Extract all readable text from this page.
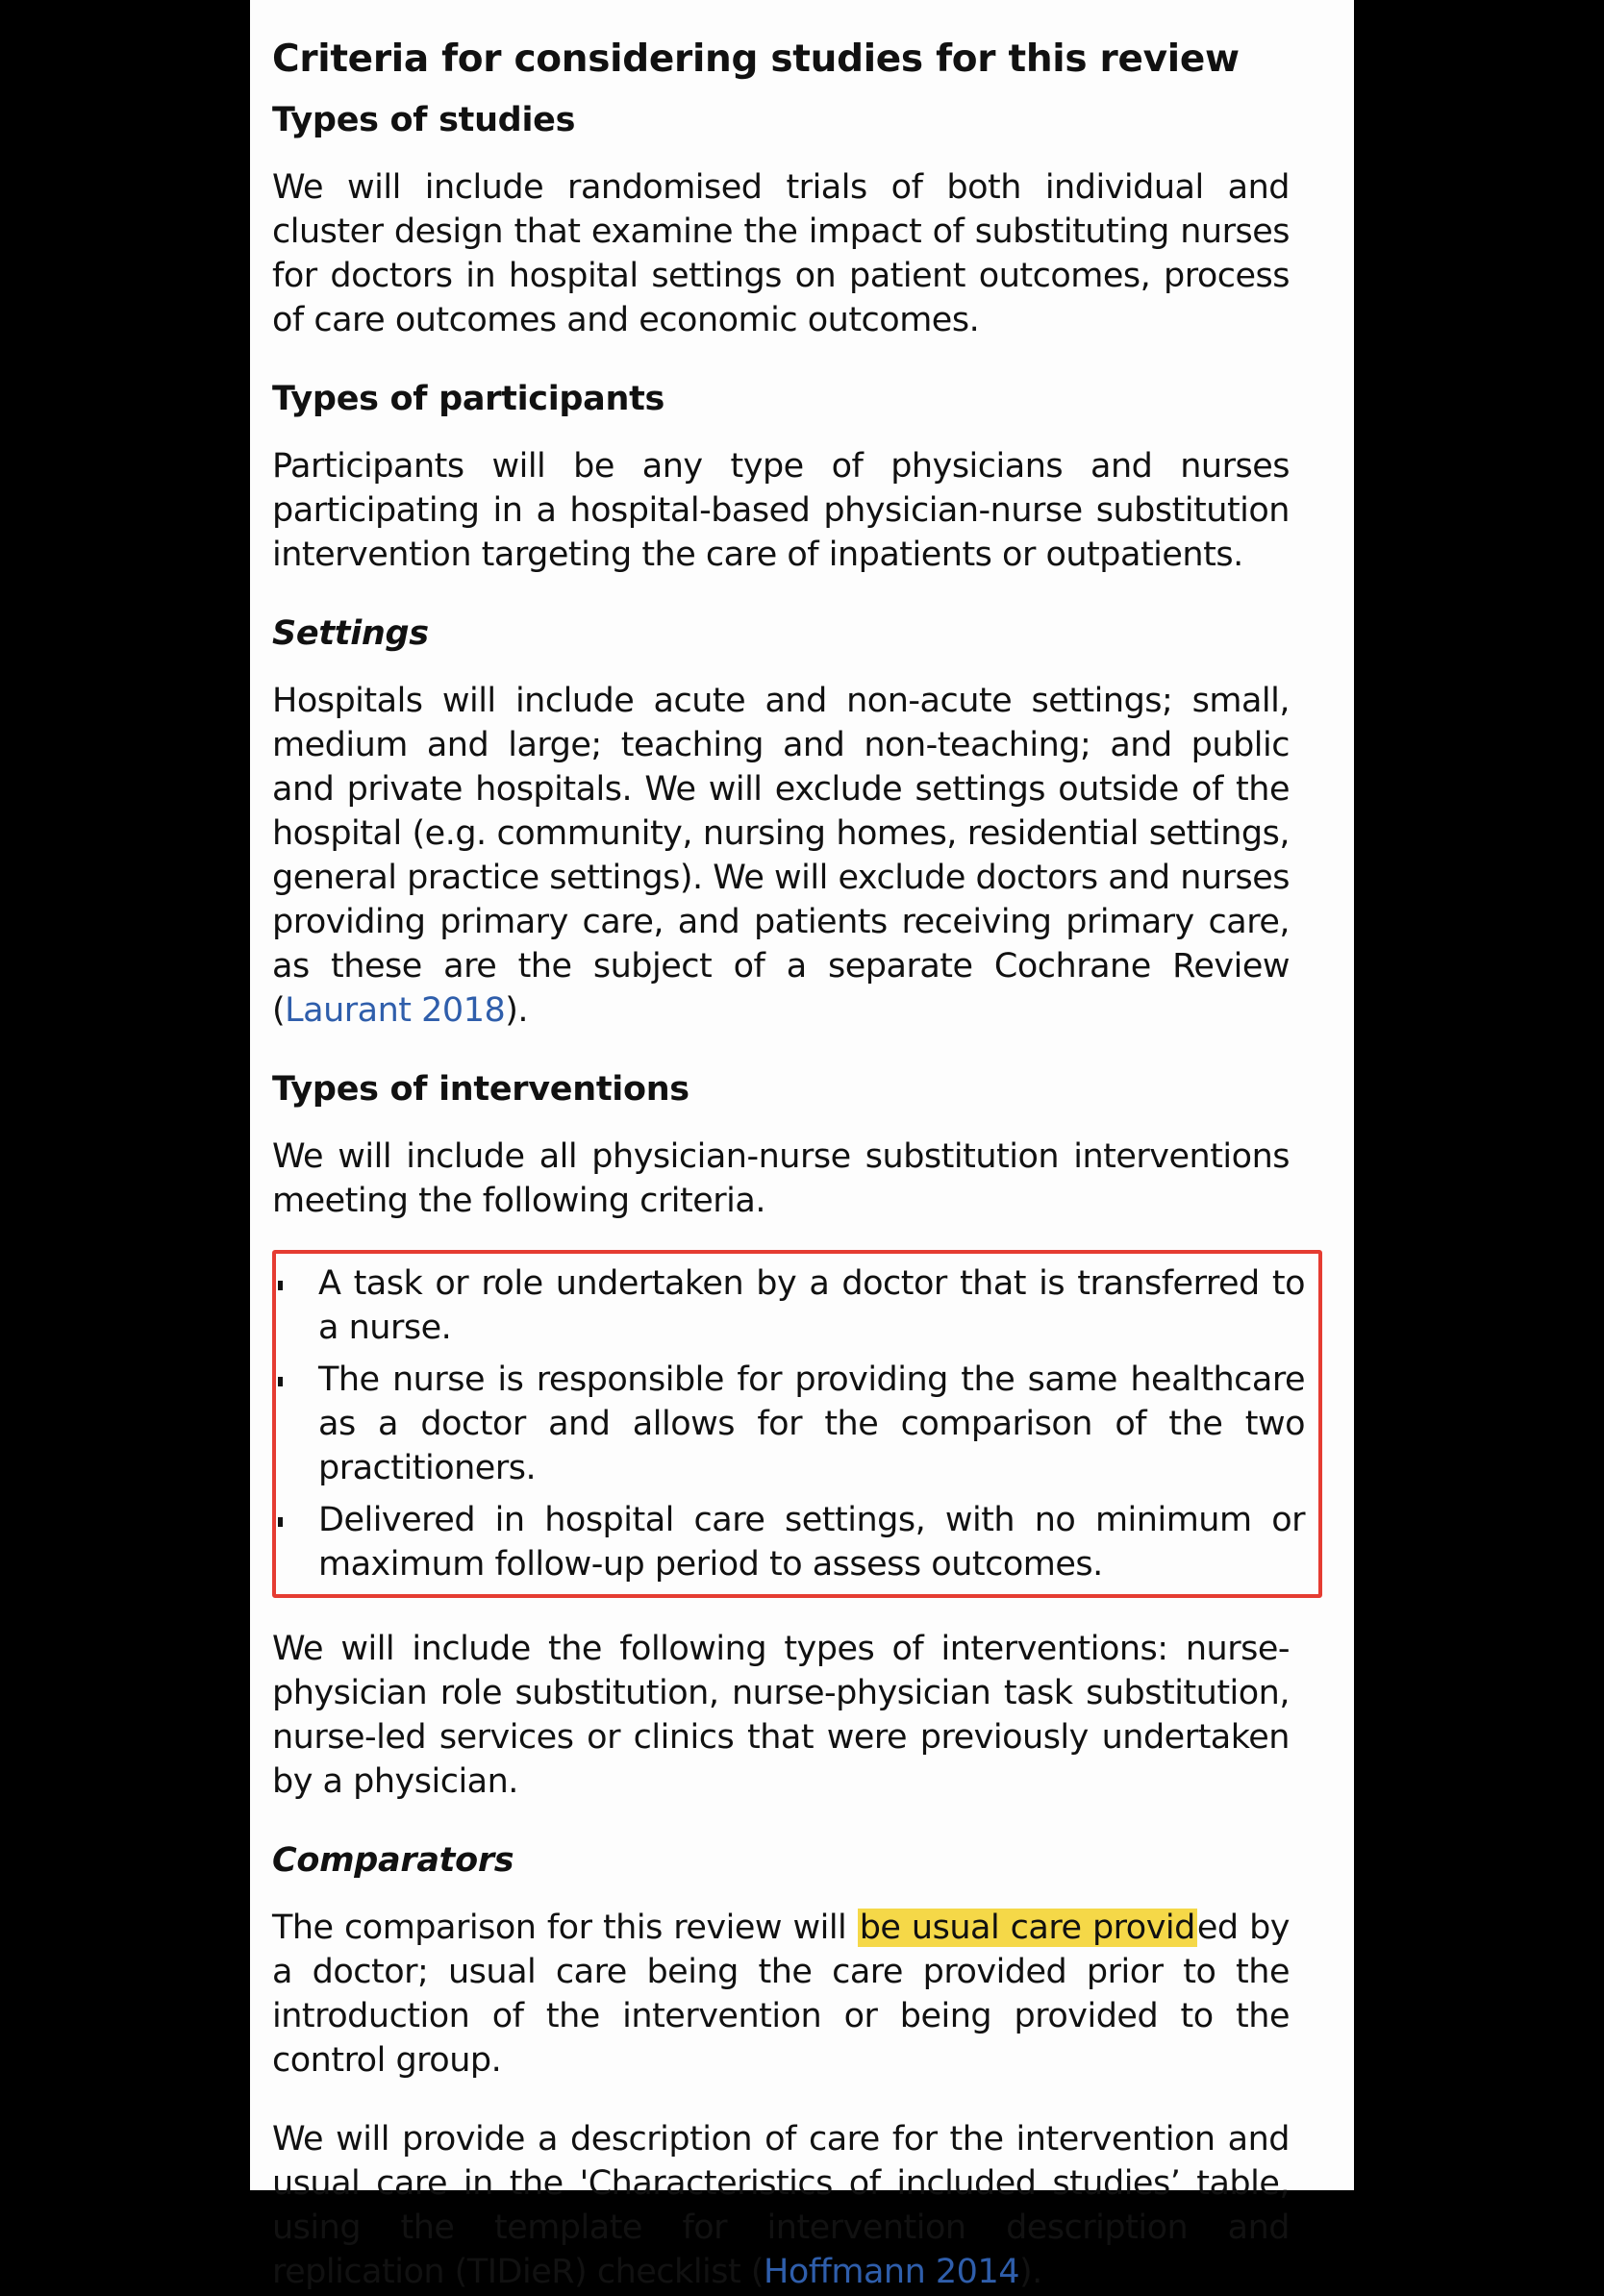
Criteria for considering studies for this review
Types of studies

We will include randomised trials of both individual and cluster design that examine the impact of substituting nurses for doctors in hospital settings on patient outcomes, process of care outcomes and economic outcomes.

Types of participants

Participants will be any type of physicians and nurses participating in a hospital-based physician-nurse substitution intervention targeting the care of inpatients or outpatients.

Settings

Hospitals will include acute and non-acute settings; small, medium and large; teaching and non-teaching; and public and private hospitals. We will exclude settings outside of the hospital (e.g. community, nursing homes, residential settings, general practice settings). We will exclude doctors and nurses providing primary care, and patients receiving primary care, as these are the subject of a separate Cochrane Review (Laurant 2018).

Types of interventions

We will include all physician-nurse substitution interventions meeting the following criteria.

A task or role undertaken by a doctor that is transferred to a nurse.
The nurse is responsible for providing the same healthcare as a doctor and allows for the comparison of the two practitioners.
Delivered in hospital care settings, with no minimum or maximum follow-up period to assess outcomes.

We will include the following types of interventions: nurse-physician role substitution, nurse-physician task substitution, nurse-led services or clinics that were previously undertaken by a physician.

Comparators

The comparison for this review will be usual care provided by a doctor; usual care being the care provided prior to the introduction of the intervention or being provided to the control group.

We will provide a description of care for the intervention and usual care in the 'Characteristics of included studies’ table, using the template for intervention description and replication (TIDieR) checklist (Hoffmann 2014).
